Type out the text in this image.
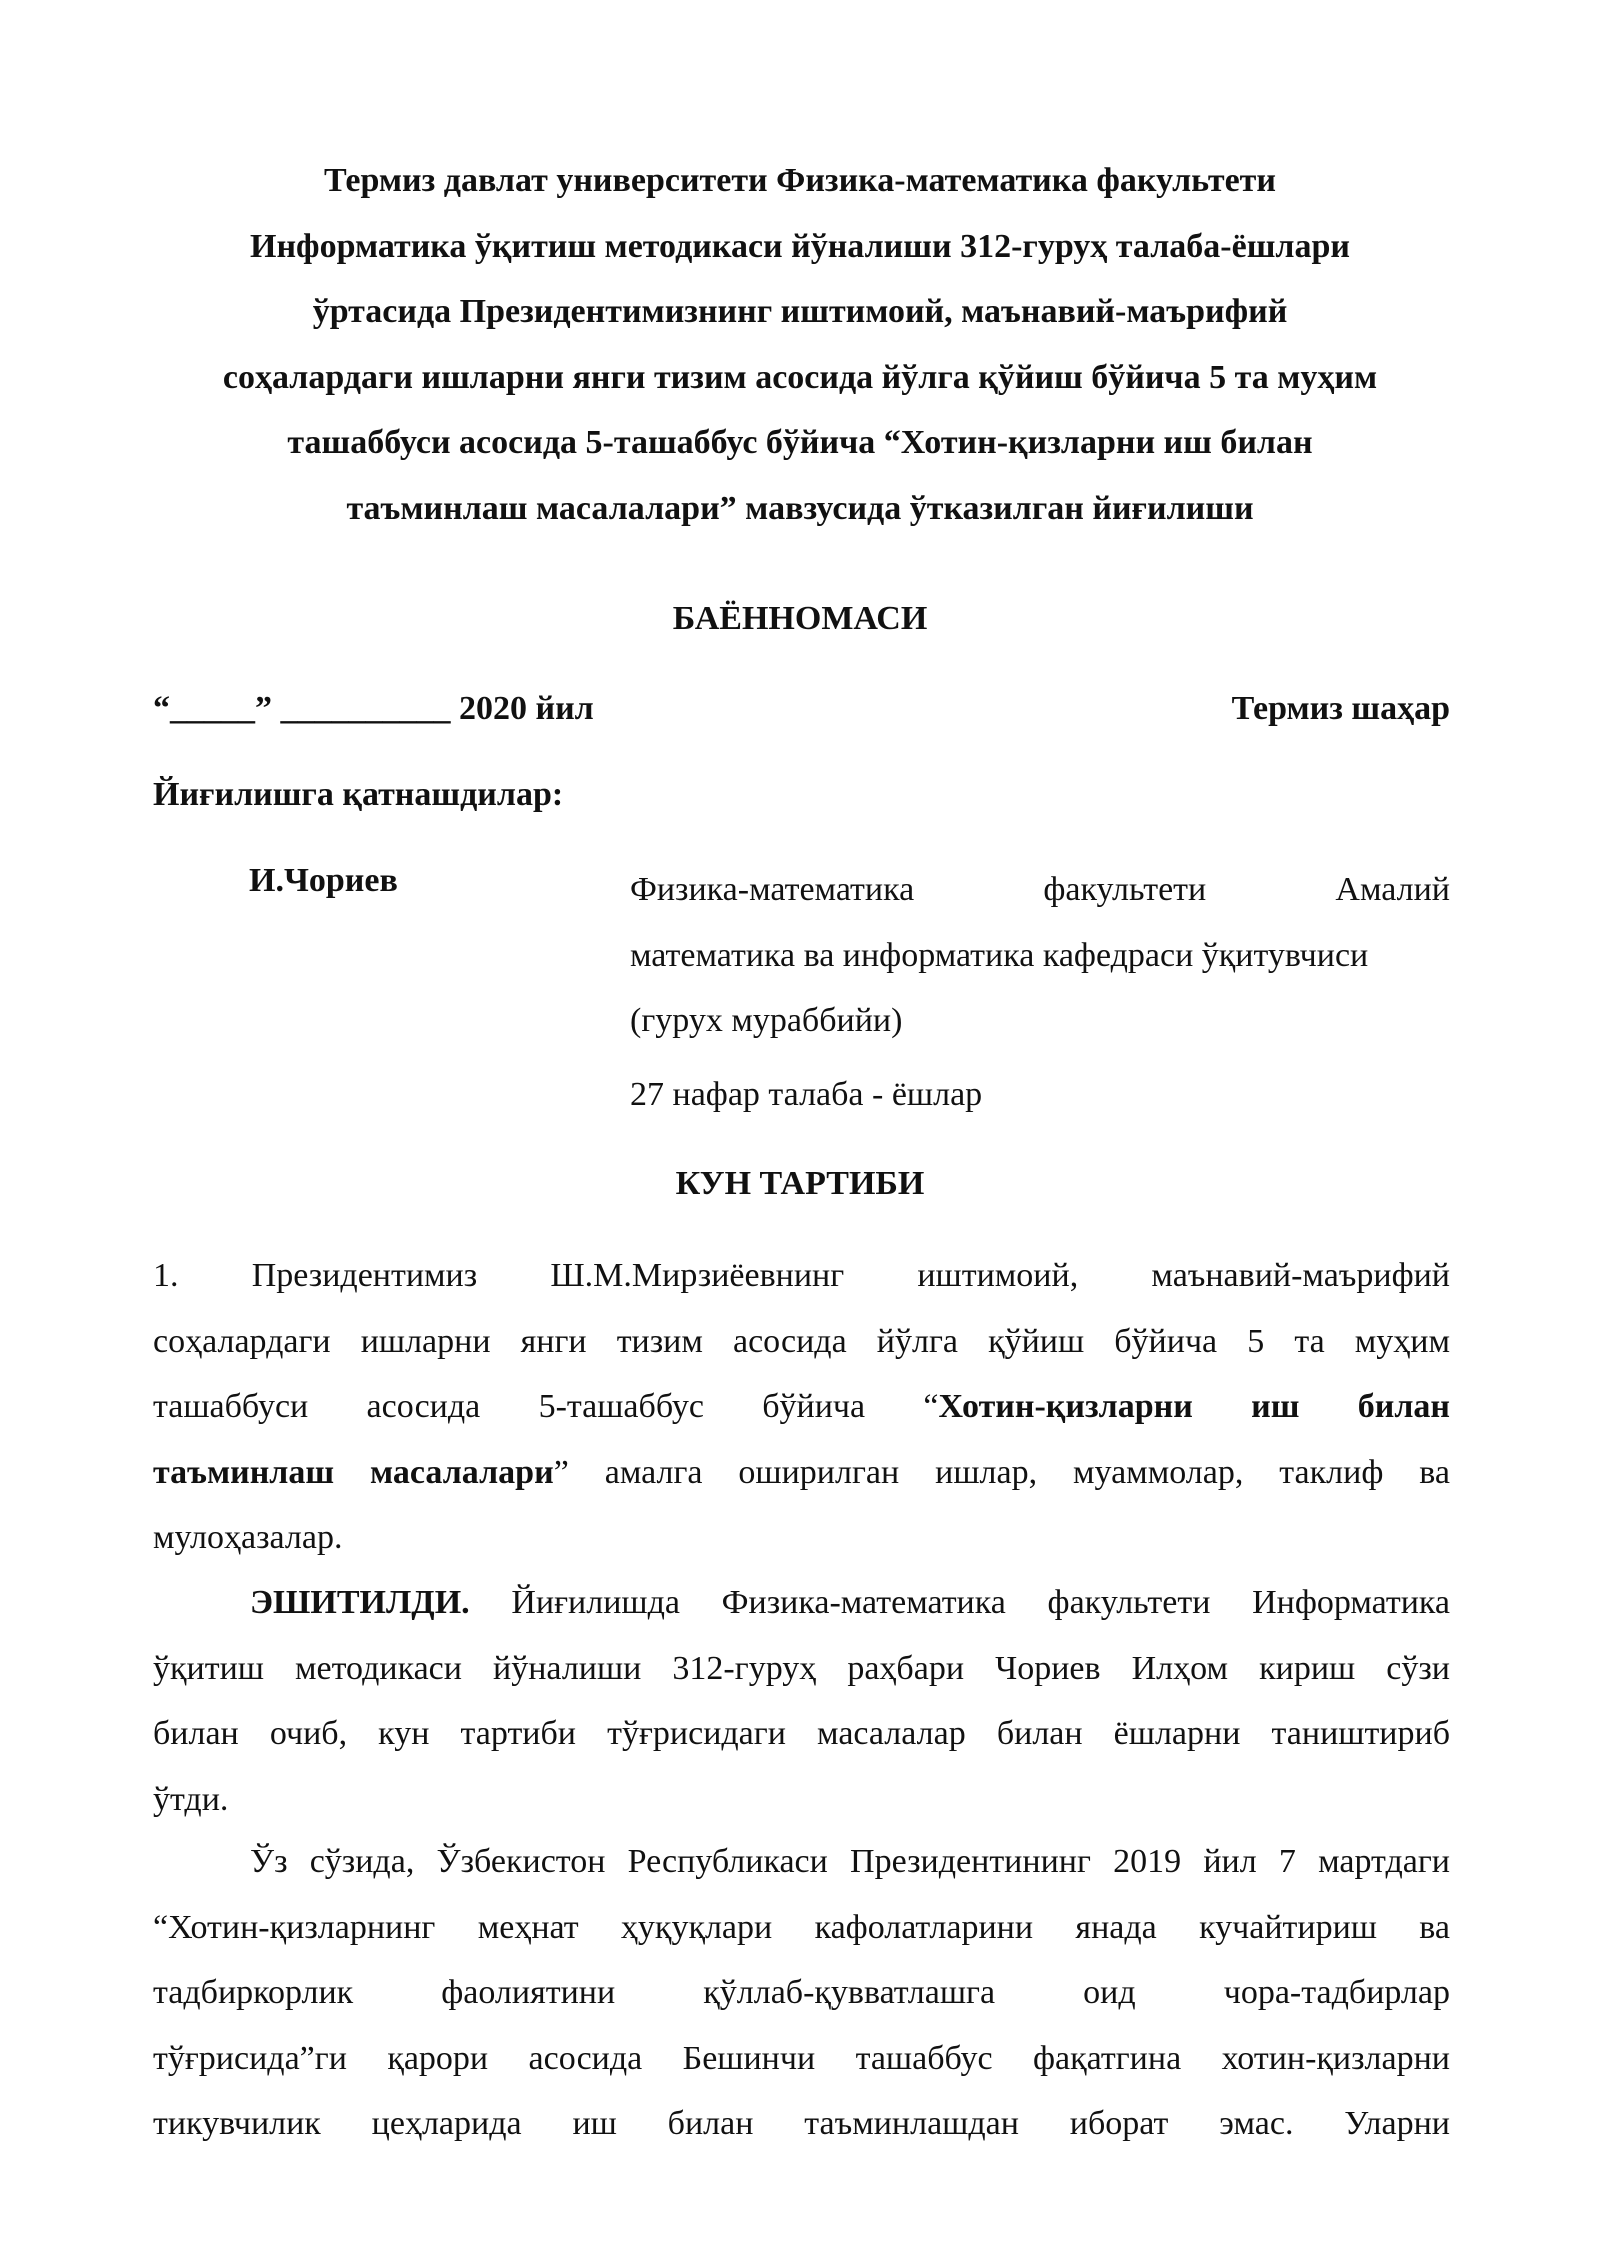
Термиз давлат университети Физика-математика факультети
Информатика ўқитиш методикаси йўналиши 312-гуруҳ талаба-ёшлари
ўртасида Президентимизнинг иштимоий, маънавий-маърифий
соҳалардаги ишларни янги тизим асосида йўлга қўйиш бўйича 5 та муҳим
ташаббуси асосида 5-ташаббус бўйича “Хотин-қизларни иш билан
таъминлаш масалалари” мавзусида ўтказилган йиғилиши
БАЁННОМАСИ
“_____” __________ 2020 йил	Термиз шаҳар
Йиғилишга қатнашдилар:
И.Чориев	Физика-математика факультети Амалий
математика ва информатика кафедраси ўқитувчиси
(гурух мураббийи)
27 нафар талаба - ёшлар
КУН ТАРТИБИ
1. Президентимиз Ш.М.Мирзиёевнинг иштимоий, маънавий-маърифий
соҳалардаги ишларни янги тизим асосида йўлга қўйиш бўйича 5 та муҳим
ташаббуси асосида 5-ташаббус бўйича “Хотин-қизларни иш билан
таъминлаш масалалари” амалга оширилган ишлар, муаммолар, таклиф ва
мулоҳазалар.
ЭШИТИЛДИ. Йиғилишда Физика-математика факультети Информатика
ўқитиш методикаси йўналиши 312-гуруҳ раҳбари Чориев Илҳом кириш сўзи
билан очиб, кун тартиби тўғрисидаги масалалар билан ёшларни таништириб
ўтди.
Ўз сўзида, Ўзбекистон Республикаси Президентининг 2019 йил 7 мартдаги
“Хотин-қизларнинг меҳнат ҳуқуқлари кафолатларини янада кучайтириш ва
тадбиркорлик фаолиятини қўллаб-қувватлашга оид чора-тадбирлар
тўғрисида”ги қарори асосида Бешинчи ташаббус фақатгина хотин-қизларни
тикувчилик цеҳларида иш билан таъминлашдан иборат эмас. Уларни
